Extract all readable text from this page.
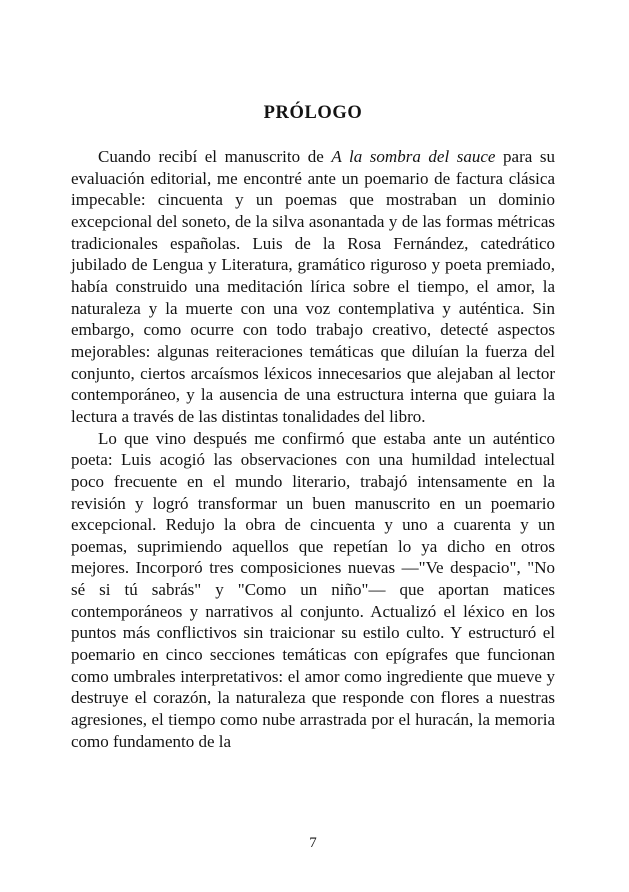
PRÓLOGO

Cuando recibí el manuscrito de A la sombra del sauce para su evaluación editorial, me encontré ante un poemario de factura clásica impecable: cincuenta y un poemas que mostraban un dominio excepcional del soneto, de la silva asonantada y de las formas métricas tradicionales españolas. Luis de la Rosa Fernández, catedrático jubilado de Lengua y Literatura, gramático riguroso y poeta premiado, había construido una meditación lírica sobre el tiempo, el amor, la naturaleza y la muerte con una voz contemplativa y auténtica. Sin embargo, como ocurre con todo trabajo creativo, detecté aspectos mejorables: algunas reiteraciones temáticas que diluían la fuerza del conjunto, ciertos arcaísmos léxicos innecesarios que alejaban al lector contemporáneo, y la ausencia de una estructura interna que guiara la lectura a través de las distintas tonalidades del libro.

Lo que vino después me confirmó que estaba ante un auténtico poeta: Luis acogió las observaciones con una humildad intelectual poco frecuente en el mundo literario, trabajó intensamente en la revisión y logró transformar un buen manuscrito en un poemario excepcional. Redujo la obra de cincuenta y uno a cuarenta y un poemas, suprimiendo aquellos que repetían lo ya dicho en otros mejores. Incorporó tres composiciones nuevas —"Ve despacio", "No sé si tú sabrás" y "Como un niño"— que aportan matices contemporáneos y narrativos al conjunto. Actualizó el léxico en los puntos más conflictivos sin traicionar su estilo culto. Y estructuró el poemario en cinco secciones temáticas con epígrafes que funcionan como umbrales interpretativos: el amor como ingrediente que mueve y destruye el corazón, la naturaleza que responde con flores a nuestras agresiones, el tiempo como nube arrastrada por el huracán, la memoria como fundamento de la

7
